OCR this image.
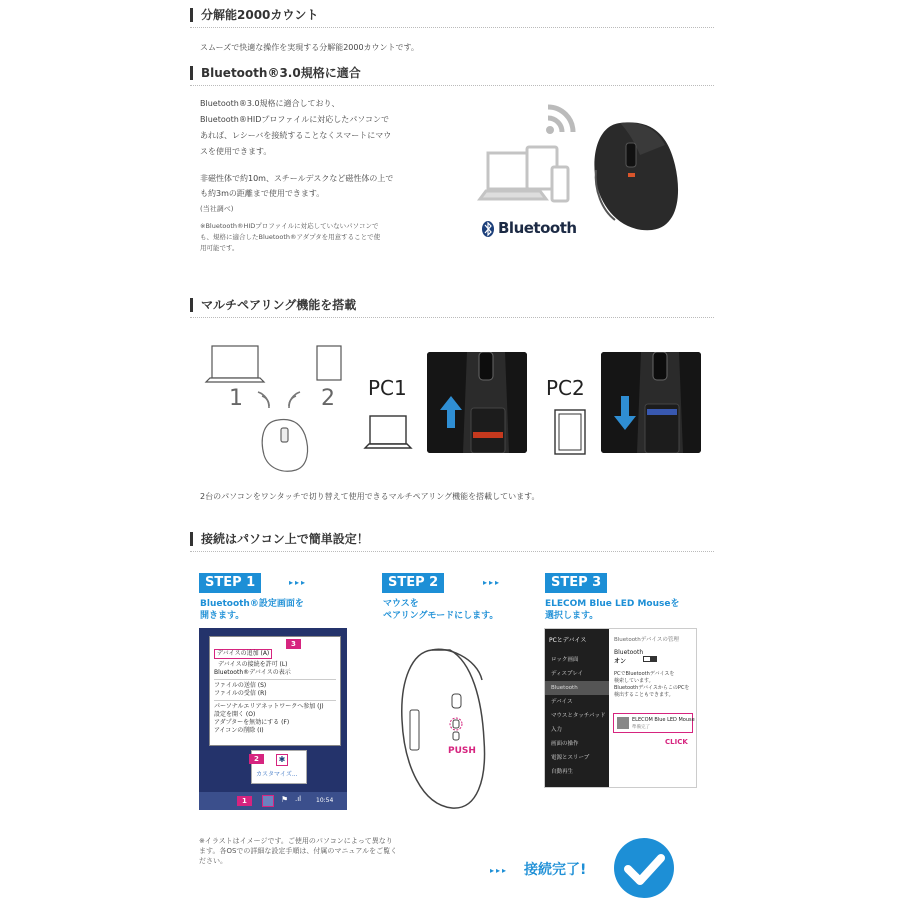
分解能2000カウント
スムーズで快適な操作を実現する分解能2000カウントです。
Bluetooth®3.0規格に適合
Bluetooth®3.0規格に適合しており、
Bluetooth®HIDプロファイルに対応したパソコンで
あれば、レシーバを接続することなくスマートにマウ
スを使用できます。
非磁性体で約10m、スチールデスクなど磁性体の上で
も約3mの距離まで使用できます。
(当社調べ)
※Bluetooth®HIDプロファイルに対応していないパソコンで
も、規格に適合したBluetooth®アダプタを用意することで使
用可能です。
Bluetooth
マルチペアリング機能を搭載
1	2 PC1	PC2
2台のパソコンをワンタッチで切り替えて使用できるマルチペアリング機能を搭載しています。
接続はパソコン上で簡単設定！
STEP 1	▸▸▸	STEP 2	▸▸▸	STEP 3
Bluetooth®設定画面を
開きます。
マウスを
ペアリングモードにします。
ELECOM Blue LED Mouseを
選択します。
デバイスの追加 (A)
デバイスの接続を許可 (L)
Bluetooth®デバイスの表示
ファイルの送信 (S)
ファイルの受信 (R)
パーソナルエリアネットワークへ参加 (J)
設定を開く (O)
アダプターを無効にする (F)
アイコンの削除 (I)
3
✱
カスタマイズ...
2
1	⚑ .ıl 10:54
PUSH
PCとデバイス
ロック画面
ディスプレイ
Bluetooth
デバイス
マウスとタッチパッド
入力
画面の操作
電源とスリープ
自動再生
Bluetoothデバイスの管理
Bluetooth
オン
PCでBluetoothデバイスを
検索しています。
BluetoothデバイスからこのPCを
検出することもできます。
ELECOM Blue LED Mouse
準備完了
CLICK
※イラストはイメージです。ご使用のパソコンによって異なり
ます。各OSでの詳細な設定手順は、付属のマニュアルをご覧く
ださい。
▸▸▸ 接続完了!
